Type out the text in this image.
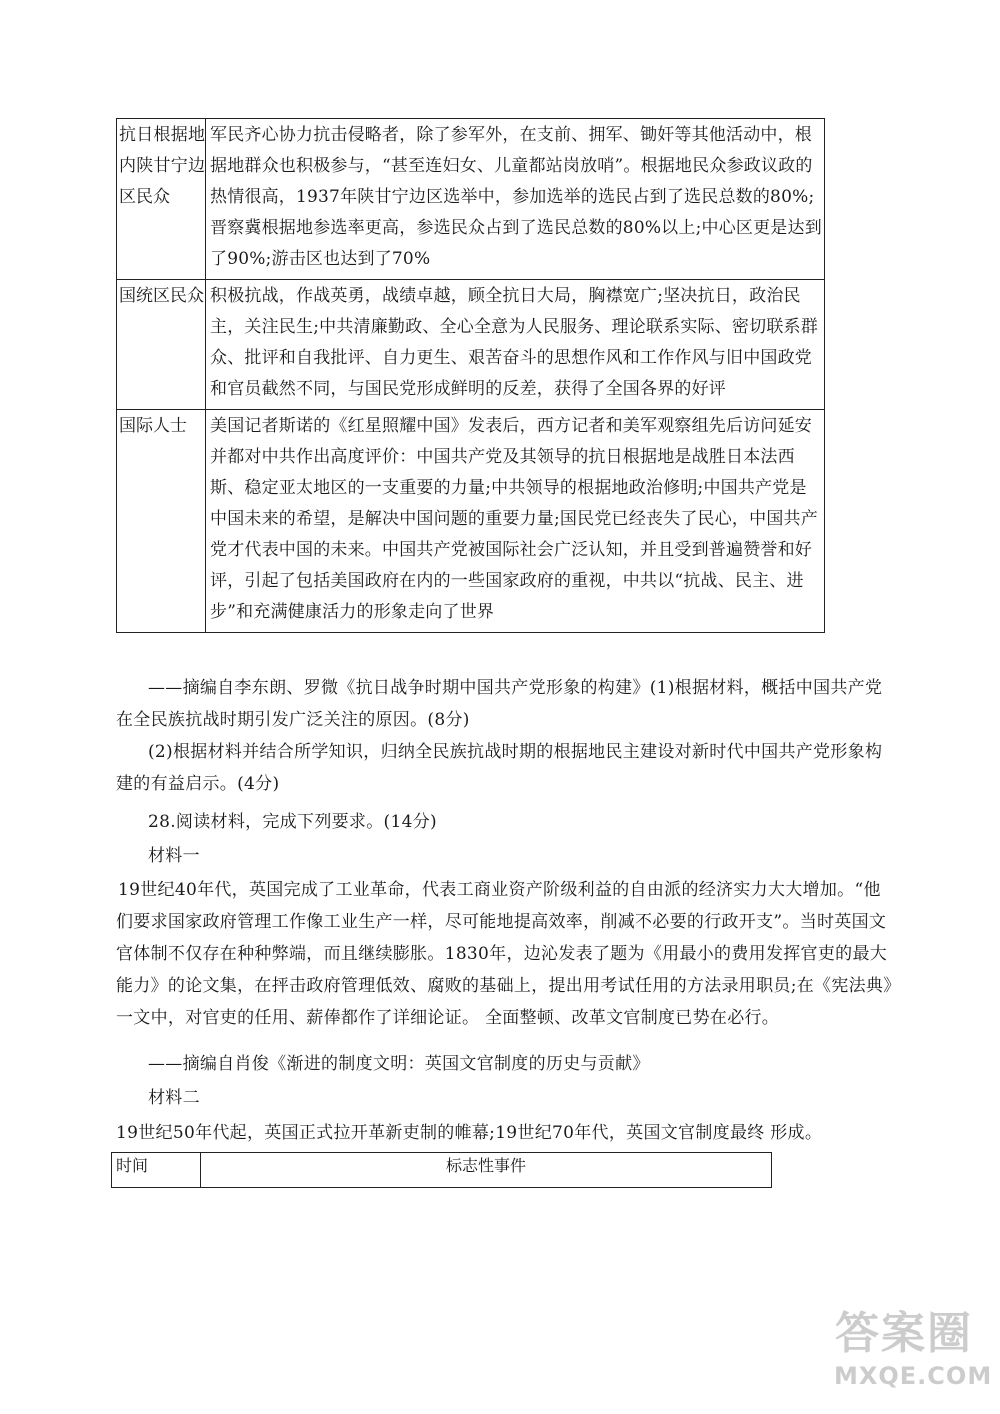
抗日根据地内陕甘宁边区民众	军民齐心协力抗击侵略者，除了参军外，在支前、拥军、锄奸等其他活动中，根据地群众也积极参与，“甚至连妇女、儿童都站岗放哨”。根据地民众参政议政的热情很高，1937年陕甘宁边区选举中，参加选举的选民占到了选民总数的80%;晋察冀根据地参选率更高，参选民众占到了选民总数的80%以上;中心区更是达到了90%;游击区也达到了70%

国统区民众	积极抗战，作战英勇，战绩卓越，顾全抗日大局，胸襟宽广;坚决抗日，政治民主，关注民生;中共清廉勤政、全心全意为人民服务、理论联系实际、密切联系群众、批评和自我批评、自力更生、艰苦奋斗的思想作风和工作作风与旧中国政党和官员截然不同，与国民党形成鲜明的反差，获得了全国各界的好评

国际人士	美国记者斯诺的《红星照耀中国》发表后，西方记者和美军观察组先后访问延安并都对中共作出高度评价：中国共产党及其领导的抗日根据地是战胜日本法西斯、稳定亚太地区的一支重要的力量;中共领导的根据地政治修明;中国共产党是中国未来的希望，是解决中国问题的重要力量;国民党已经丧失了民心，中国共产党才代表中国的未来。中国共产党被国际社会广泛认知，并且受到普遍赞誉和好评，引起了包括美国政府在内的一些国家政府的重视，中共以“抗战、民主、进步”和充满健康活力的形象走向了世界
——摘编自李东朗、罗微《抗日战争时期中国共产党形象的构建》(1)根据材料，概括中国共产党在全民族抗战时期引发广泛关注的原因。(8分)
(2)根据材料并结合所学知识，归纳全民族抗战时期的根据地民主建设对新时代中国共产党形象构建的有益启示。(4分)
28.阅读材料，完成下列要求。(14分)
材料一
19世纪40年代，英国完成了工业革命，代表工商业资产阶级利益的自由派的经济实力大大增加。“他们要求国家政府管理工作像工业生产一样，尽可能地提高效率，削减不必要的行政开支”。当时英国文官体制不仅存在种种弊端，而且继续膨胀。1830年，边沁发表了题为《用最小的费用发挥官吏的最大能力》的论文集，在抨击政府管理低效、腐败的基础上，提出用考试任用的方法录用职员;在《宪法典》一文中，对官吏的任用、薪俸都作了详细论证。 全面整顿、改革文官制度已势在必行。
——摘编自肖俊《渐进的制度文明：英国文官制度的历史与贡献》
材料二
19世纪50年代起，英国正式拉开革新吏制的帷幕;19世纪70年代，英国文官制度最终 形成。
时间	标志性事件
答案圈
MXQE.COM
